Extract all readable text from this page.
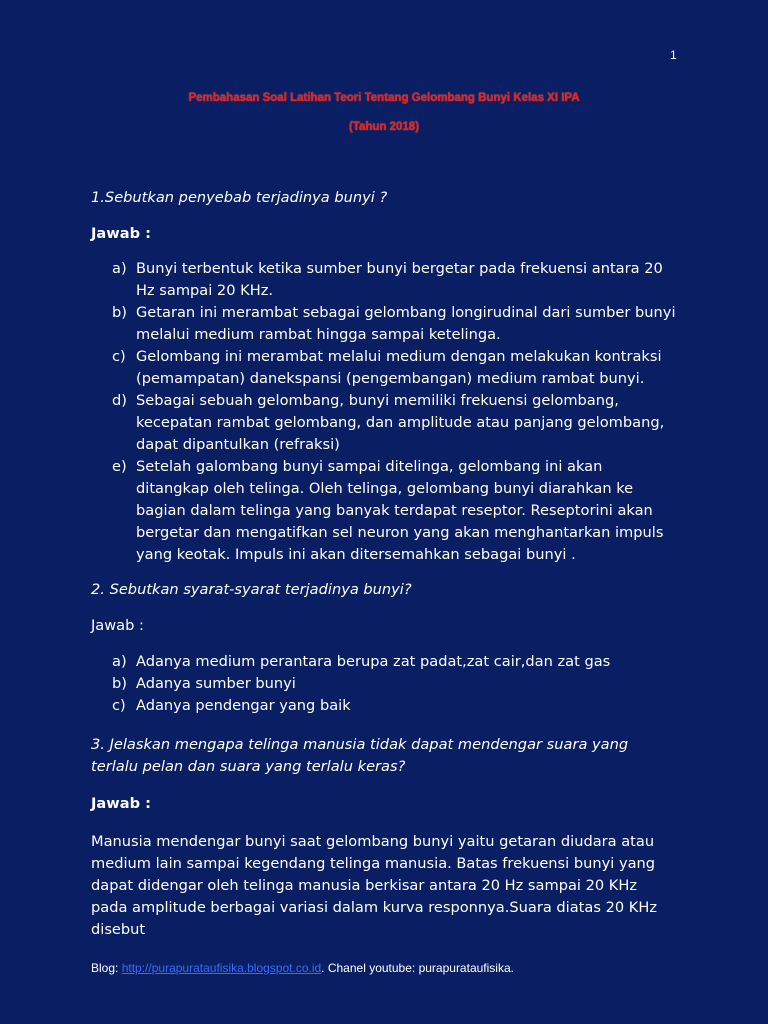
1
Pembahasan Soal Latihan Teori Tentang Gelombang Bunyi Kelas XI IPA
(Tahun 2018)
1.Sebutkan penyebab terjadinya bunyi ?
Jawab :
a) Bunyi terbentuk ketika sumber bunyi bergetar pada frekuensi antara 20 Hz sampai 20 KHz.
b) Getaran ini merambat sebagai gelombang longirudinal dari sumber bunyi melalui medium rambat hingga sampai ketelinga.
c) Gelombang ini merambat melalui medium dengan melakukan kontraksi (pemampatan) danekspansi (pengembangan) medium rambat bunyi.
d) Sebagai sebuah gelombang, bunyi memiliki frekuensi gelombang, kecepatan rambat gelombang, dan amplitude atau panjang gelombang, dapat dipantulkan (refraksi)
e) Setelah galombang bunyi sampai ditelinga, gelombang ini akan ditangkap oleh telinga. Oleh telinga, gelombang bunyi diarahkan ke bagian dalam telinga yang banyak terdapat reseptor. Reseptorini akan bergetar dan mengatifkan sel neuron yang akan menghantarkan impuls yang keotak. Impuls ini akan ditersemahkan sebagai bunyi .
2. Sebutkan syarat-syarat terjadinya bunyi?
Jawab :
a) Adanya medium perantara berupa zat padat,zat cair,dan zat gas
b) Adanya sumber bunyi
c) Adanya pendengar yang baik
3. Jelaskan mengapa telinga manusia tidak dapat mendengar suara yang terlalu pelan dan suara yang terlalu keras?
Jawab :
Manusia mendengar bunyi saat gelombang bunyi yaitu getaran diudara atau medium lain sampai kegendang telinga manusia. Batas frekuensi bunyi yang dapat didengar oleh telinga manusia berkisar antara 20 Hz sampai 20 KHz pada amplitude berbagai variasi dalam kurva responnya.Suara diatas 20 KHz disebut
Blog: http://purapurataufisika.blogspot.co.id. Chanel youtube: purapurataufisika.
